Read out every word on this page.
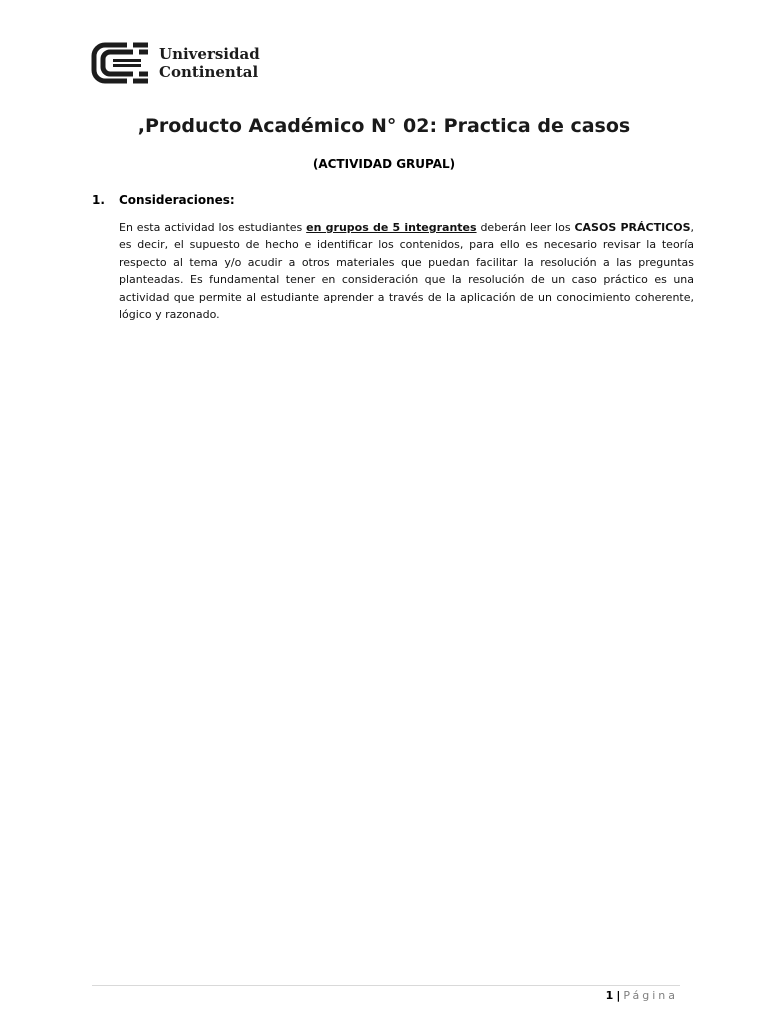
Universidad
Continental
,Producto Académico N° 02: Practica de casos
(ACTIVIDAD GRUPAL)
1.	Consideraciones:

En esta actividad los estudiantes en grupos de 5 integrantes deberán leer los CASOS PRÁCTICOS, es decir, el supuesto de hecho e identificar los contenidos, para ello es necesario revisar la teoría respecto al tema y/o acudir a otros materiales que puedan facilitar la resolución a las preguntas planteadas. Es fundamental tener en consideración que la resolución de un caso práctico es una actividad que permite al estudiante aprender a través de la aplicación de un conocimiento coherente, lógico y razonado.

1 | Página
